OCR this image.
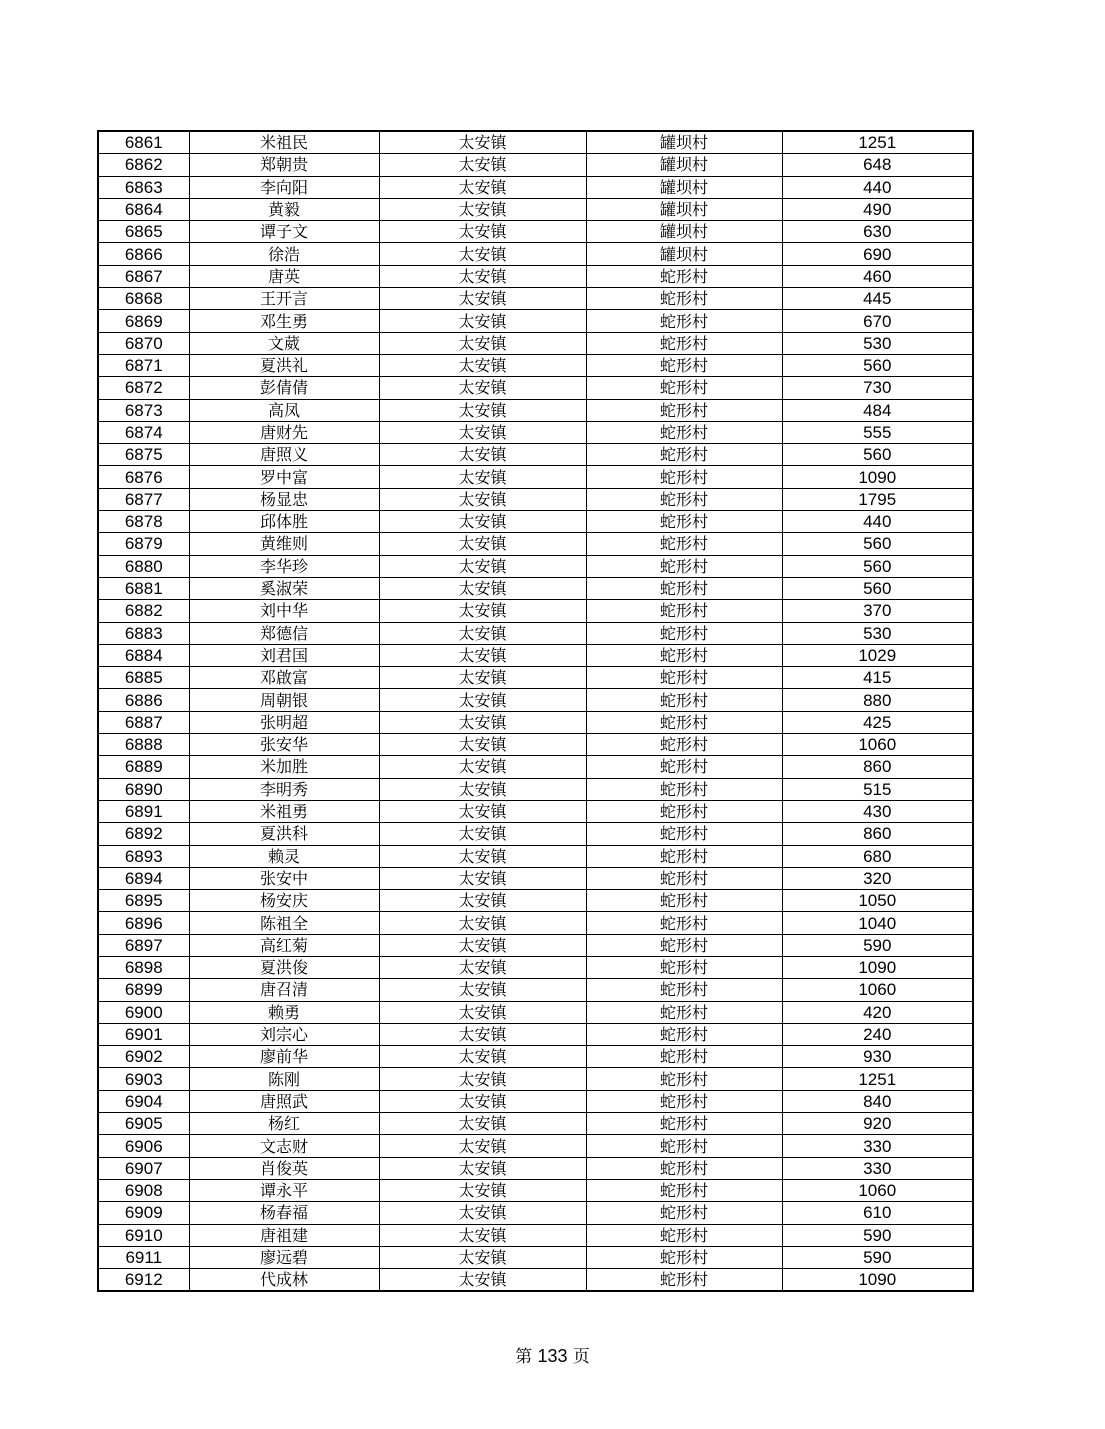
6861	米祖民	太安镇	罐坝村	1251
6862	郑朝贵	太安镇	罐坝村	648
6863	李向阳	太安镇	罐坝村	440
6864	黄毅	太安镇	罐坝村	490
6865	谭子文	太安镇	罐坝村	630
6866	徐浩	太安镇	罐坝村	690
6867	唐英	太安镇	蛇形村	460
6868	王开言	太安镇	蛇形村	445
6869	邓生勇	太安镇	蛇形村	670
6870	文葳	太安镇	蛇形村	530
6871	夏洪礼	太安镇	蛇形村	560
6872	彭倩倩	太安镇	蛇形村	730
6873	高凤	太安镇	蛇形村	484
6874	唐财先	太安镇	蛇形村	555
6875	唐照义	太安镇	蛇形村	560
6876	罗中富	太安镇	蛇形村	1090
6877	杨显忠	太安镇	蛇形村	1795
6878	邱体胜	太安镇	蛇形村	440
6879	黄维则	太安镇	蛇形村	560
6880	李华珍	太安镇	蛇形村	560
6881	奚淑荣	太安镇	蛇形村	560
6882	刘中华	太安镇	蛇形村	370
6883	郑德信	太安镇	蛇形村	530
6884	刘君国	太安镇	蛇形村	1029
6885	邓啟富	太安镇	蛇形村	415
6886	周朝银	太安镇	蛇形村	880
6887	张明超	太安镇	蛇形村	425
6888	张安华	太安镇	蛇形村	1060
6889	米加胜	太安镇	蛇形村	860
6890	李明秀	太安镇	蛇形村	515
6891	米祖勇	太安镇	蛇形村	430
6892	夏洪科	太安镇	蛇形村	860
6893	赖灵	太安镇	蛇形村	680
6894	张安中	太安镇	蛇形村	320
6895	杨安庆	太安镇	蛇形村	1050
6896	陈祖全	太安镇	蛇形村	1040
6897	高红菊	太安镇	蛇形村	590
6898	夏洪俊	太安镇	蛇形村	1090
6899	唐召清	太安镇	蛇形村	1060
6900	赖勇	太安镇	蛇形村	420
6901	刘宗心	太安镇	蛇形村	240
6902	廖前华	太安镇	蛇形村	930
6903	陈刚	太安镇	蛇形村	1251
6904	唐照武	太安镇	蛇形村	840
6905	杨红	太安镇	蛇形村	920
6906	文志财	太安镇	蛇形村	330
6907	肖俊英	太安镇	蛇形村	330
6908	谭永平	太安镇	蛇形村	1060
6909	杨春福	太安镇	蛇形村	610
6910	唐祖建	太安镇	蛇形村	590
6911	廖远碧	太安镇	蛇形村	590
6912	代成林	太安镇	蛇形村	1090
第 133 页
